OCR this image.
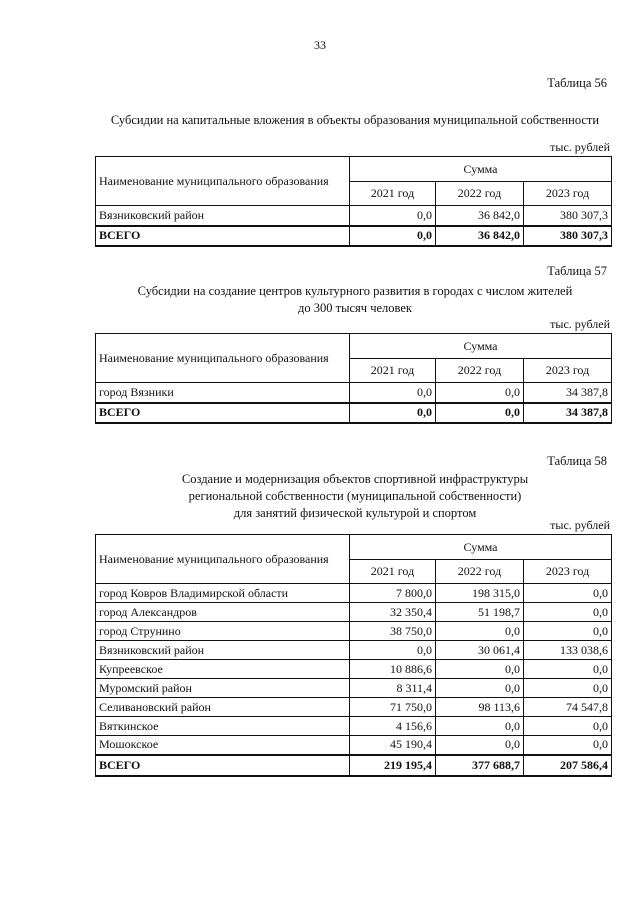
33
Таблица 56
Субсидии на капитальные вложения в объекты образования муниципальной собственности
тыс. рублей
Наименование муниципального образования	Сумма		
	2021 год	2022 год	2023 год
Вязниковский район	0,0	36 842,0	380 307,3
ВСЕГО	0,0	36 842,0	380 307,3
Таблица 57
Субсидии на создание центров культурного развития в городах с числом жителей
до 300 тысяч человек
тыс. рублей
Наименование муниципального образования	Сумма		
	2021 год	2022 год	2023 год
город Вязники	0,0	0,0	34 387,8
ВСЕГО	0,0	0,0	34 387,8
Таблица 58
Создание и модернизация объектов спортивной инфраструктуры
региональной собственности (муниципальной собственности)
для занятий физической культурой и спортом
тыс. рублей
Наименование муниципального образования	Сумма		
	2021 год	2022 год	2023 год
город Ковров Владимирской области	7 800,0	198 315,0	0,0
город Александров	32 350,4	51 198,7	0,0
город Струнино	38 750,0	0,0	0,0
Вязниковский район	0,0	30 061,4	133 038,6
Купреевское	10 886,6	0,0	0,0
Муромский район	8 311,4	0,0	0,0
Селивановский район	71 750,0	98 113,6	74 547,8
Вяткинское	4 156,6	0,0	0,0
Мошокское	45 190,4	0,0	0,0
ВСЕГО	219 195,4	377 688,7	207 586,4
